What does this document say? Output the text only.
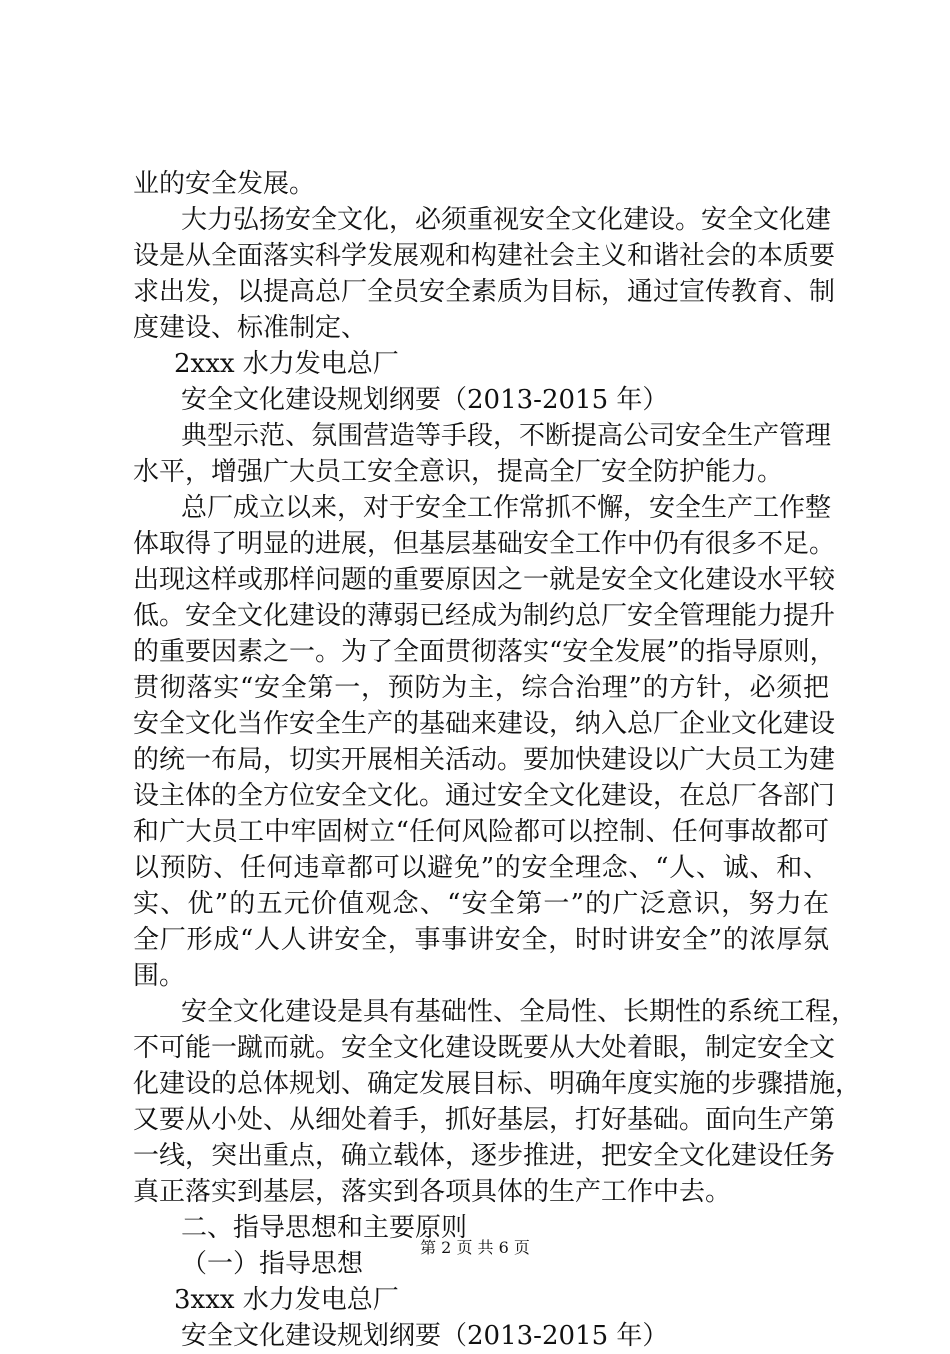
业的安全发展。
大力弘扬安全文化，必须重视安全文化建设。安全文化建
设是从全面落实科学发展观和构建社会主义和谐社会的本质要
求出发，以提高总厂全员安全素质为目标，通过宣传教育、制
度建设、标准制定、
2xxx 水力发电总厂
安全文化建设规划纲要（2013-2015 年）
典型示范、氛围营造等手段，不断提高公司安全生产管理
水平，增强广大员工安全意识，提高全厂安全防护能力。
总厂成立以来，对于安全工作常抓不懈，安全生产工作整
体取得了明显的进展，但基层基础安全工作中仍有很多不足。
出现这样或那样问题的重要原因之一就是安全文化建设水平较
低。安全文化建设的薄弱已经成为制约总厂安全管理能力提升
的重要因素之一。为了全面贯彻落实“安全发展”的指导原则，
贯彻落实“安全第一，预防为主，综合治理”的方针，必须把
安全文化当作安全生产的基础来建设，纳入总厂企业文化建设
的统一布局，切实开展相关活动。要加快建设以广大员工为建
设主体的全方位安全文化。通过安全文化建设，在总厂各部门
和广大员工中牢固树立“任何风险都可以控制、任何事故都可
以预防、任何违章都可以避免”的安全理念、“人、诚、和、
实、优”的五元价值观念、“安全第一”的广泛意识，努力在
全厂形成“人人讲安全，事事讲安全，时时讲安全”的浓厚氛
围。
安全文化建设是具有基础性、全局性、长期性的系统工程，
不可能一蹴而就。安全文化建设既要从大处着眼，制定安全文
化建设的总体规划、确定发展目标、明确年度实施的步骤措施，
又要从小处、从细处着手，抓好基层，打好基础。面向生产第
一线，突出重点，确立载体，逐步推进，把安全文化建设任务
真正落实到基层，落实到各项具体的生产工作中去。
二、指导思想和主要原则
（一）指导思想
3xxx 水力发电总厂
安全文化建设规划纲要（2013-2015 年）
第 2 页 共 6 页
